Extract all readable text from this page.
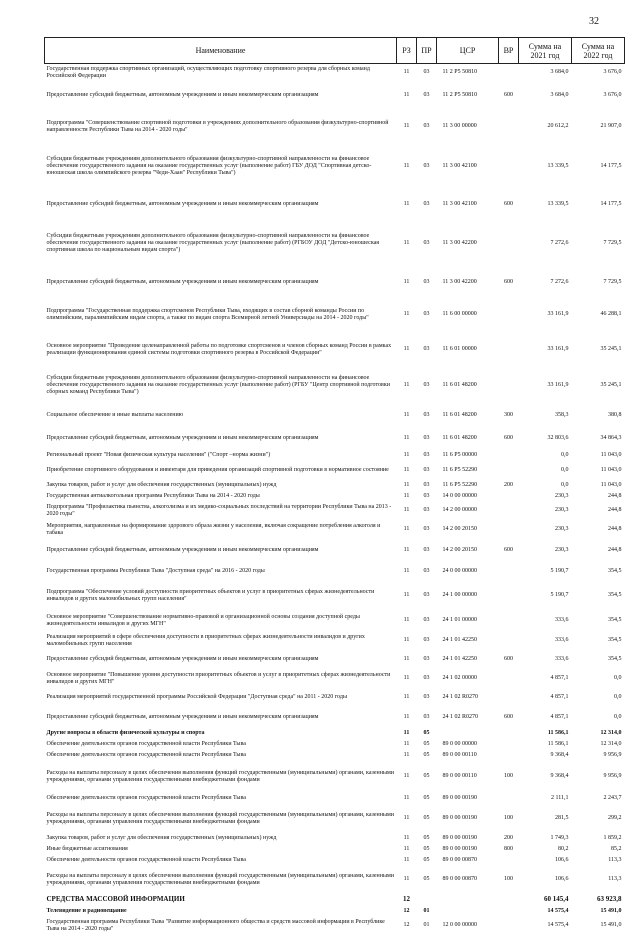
32
Наименование	РЗ	ПР	ЦСР	ВР	Сумма на 2021 год	Сумма на 2022 год
Государственная поддержка спортивных организаций, осуществляющих подготовку спортивного резерва для сборных команд Российской Федерации	11	03	11 2 Р5 50810		3 684,0	3 676,0
Предоставление субсидий бюджетным, автономным учреждениям и иным некоммерческим организациям	11	03	11 2 Р5 50810	600	3 684,0	3 676,0
Подпрограмма "Совершенствование спортивной подготовки в учреждениях дополнительного образования физкультурно-спортивной направленности Республики Тыва на 2014 - 2020 годы"	11	03	11 3 00 00000		20 612,2	21 907,0
Субсидии бюджетным учреждениям дополнительного образования физкультурно-спортивной направленности на финансовое обеспечение государственного задания на оказание государственных услуг (выполнение работ) ГБУ ДОД "Спортивная детско-юношеская школа олимпийского резерва "Чеди-Хаан" Республики Тыва")	11	03	11 3 00 42100		13 339,5	14 177,5
Предоставление субсидий бюджетным, автономным учреждениям и иным некоммерческим организациям	11	03	11 3 00 42100	600	13 339,5	14 177,5
Субсидии бюджетным учреждениям дополнительного образования физкультурно-спортивной направленности на финансовое обеспечение государственного задания на оказание государственных услуг (выполнение работ) (РГБОУ ДОД "Детско-юношеская спортивная школа по национальным видам спорта")	11	03	11 3 00 42200		7 272,6	7 729,5
Предоставление субсидий бюджетным, автономным учреждениям и иным некоммерческим организациям	11	03	11 3 00 42200	600	7 272,6	7 729,5
Подпрограмма "Государственная поддержка спортсменов Республики Тыва, входящих в состав сборной команды России по олимпийским, паралимпийским видам спорта, а также по видам спорта Всемирной летней Универсиады на 2014 - 2020 годы"	11	03	11 6 00 00000		33 161,9	46 288,1
Основное мероприятие "Проведение целенаправленной работы по подготовке спортсменов и членов сборных команд России в рамках реализации функционирования единой системы подготовки спортивного резерва в Российской Федерации"	11	03	11 6 01 00000		33 161,9	35 245,1
Субсидии бюджетным учреждениям дополнительного образования физкультурно-спортивной направленности на финансовое обеспечение государственного задания на оказание государственных услуг (выполнение работ) (РГБУ "Центр спортивной подготовки сборных команд Республики Тыва")	11	03	11 6 01 48200		33 161,9	35 245,1
Социальное обеспечение и иные выплаты населению	11	03	11 6 01 48200	300	358,3	380,8
Предоставление субсидий бюджетным, автономным учреждениям и иным некоммерческим организациям	11	03	11 6 01 48200	600	32 803,6	34 864,3
Региональный проект "Новая физическая культура населения" ("Спорт –норма жизни")	11	03	11 6 Р5 00000		0,0	11 043,0
Приобретение спортивного оборудования и инвентаря для приведения организаций спортивной подготовки в нормативное состояние	11	03	11 6 Р5 52290		0,0	11 043,0
Закупка товаров, работ и услуг для обеспечения государственных (муниципальных) нужд	11	03	11 6 Р5 52290	200	0,0	11 043,0
Государственная антиалкогольная программа Республики Тыва на 2014 - 2020 годы	11	03	14 0 00 00000		230,3	244,8
Подпрограмма "Профилактика пьянства, алкоголизма и их медико-социальных последствий на территории Республики Тыва на 2013 - 2020 годы"	11	03	14 2 00 00000		230,3	244,8
Мероприятия, направленные на формирование здорового образа жизни у населения, включая сокращение потребления алкоголя и табака	11	03	14 2 00 20150		230,3	244,8
Предоставление субсидий бюджетным, автономным учреждениям и иным некоммерческим организациям	11	03	14 2 00 20150	600	230,3	244,8
Государственная программа Республики Тыва "Доступная среда" на 2016 - 2020 годы	11	03	24 0 00 00000		5 190,7	354,5
Подпрограмма "Обеспечение условий доступности приоритетных объектов и услуг в приоритетных сферах жизнедеятельности инвалидов и других маломобильных групп населения"	11	03	24 1 00 00000		5 190,7	354,5
Основное мероприятие "Совершенствование нормативно-правовой и организационной основы создания доступной среды жизнедеятельности инвалидов и других МГН"	11	03	24 1 01 00000		333,6	354,5
Реализация мероприятий в сфере обеспечения доступности в приоритетных сферах жизнедеятельности инвалидов и других маломобильных групп населения	11	03	24 1 01 42250		333,6	354,5
Предоставление субсидий бюджетным, автономным учреждениям и иным некоммерческим организациям	11	03	24 1 01 42250	600	333,6	354,5
Основное мероприятие "Повышение уровня доступности приоритетных объектов и услуг в приоритетных сферах жизнедеятельности инвалидов и других МГН"	11	03	24 1 02 00000		4 857,1	0,0
Реализация мероприятий государственной программы Российской Федерации "Доступная среда" на 2011 - 2020 годы	11	03	24 1 02 R0270		4 857,1	0,0
Предоставление субсидий бюджетным, автономным учреждениям и иным некоммерческим организациям	11	03	24 1 02 R0270	600	4 857,1	0,0
Другие вопросы в области физической культуры и спорта	11	05			11 586,1	12 314,0
Обеспечение деятельности органов государственной власти Республики Тыва	11	05	89 0 00 00000		11 586,1	12 314,0
Обеспечение деятельности органов государственной власти Республики Тыва	11	05	89 0 00 00110		9 368,4	9 956,9
Расходы на выплаты персоналу в целях обеспечения выполнения функций государственными (муниципальными) органами, казенными учреждениями, органами управления государственными внебюджетными фондами	11	05	89 0 00 00110	100	9 368,4	9 956,9
Обеспечение деятельности органов государственной власти Республики Тыва	11	05	89 0 00 00190		2 111,1	2 243,7
Расходы на выплаты персоналу в целях обеспечения выполнения функций государственными (муниципальными) органами, казенными учреждениями, органами управления государственными внебюджетными фондами	11	05	89 0 00 00190	100	281,5	299,2
Закупка товаров, работ и услуг для обеспечения государственных (муниципальных) нужд	11	05	89 0 00 00190	200	1 749,3	1 859,2
Иные бюджетные ассигнования	11	05	89 0 00 00190	800	80,2	85,2
Обеспечение деятельности органов государственной власти Республики Тыва	11	05	89 0 00 00870		106,6	113,3
Расходы на выплаты персоналу в целях обеспечения выполнения функций государственными (муниципальными) органами, казенными учреждениями, органами управления государственными внебюджетными фондами	11	05	89 0 00 00870	100	106,6	113,3
СРЕДСТВА МАССОВОЙ ИНФОРМАЦИИ	12				60 145,4	63 923,8
Телевидение и радиовещание	12	01			14 575,4	15 491,0
Государственная программа Республики Тыва "Развитие информационного общества и средств массовой информации в Республике Тыва на 2014 - 2020 годы"	12	01	12 0 00 00000		14 575,4	15 491,0
